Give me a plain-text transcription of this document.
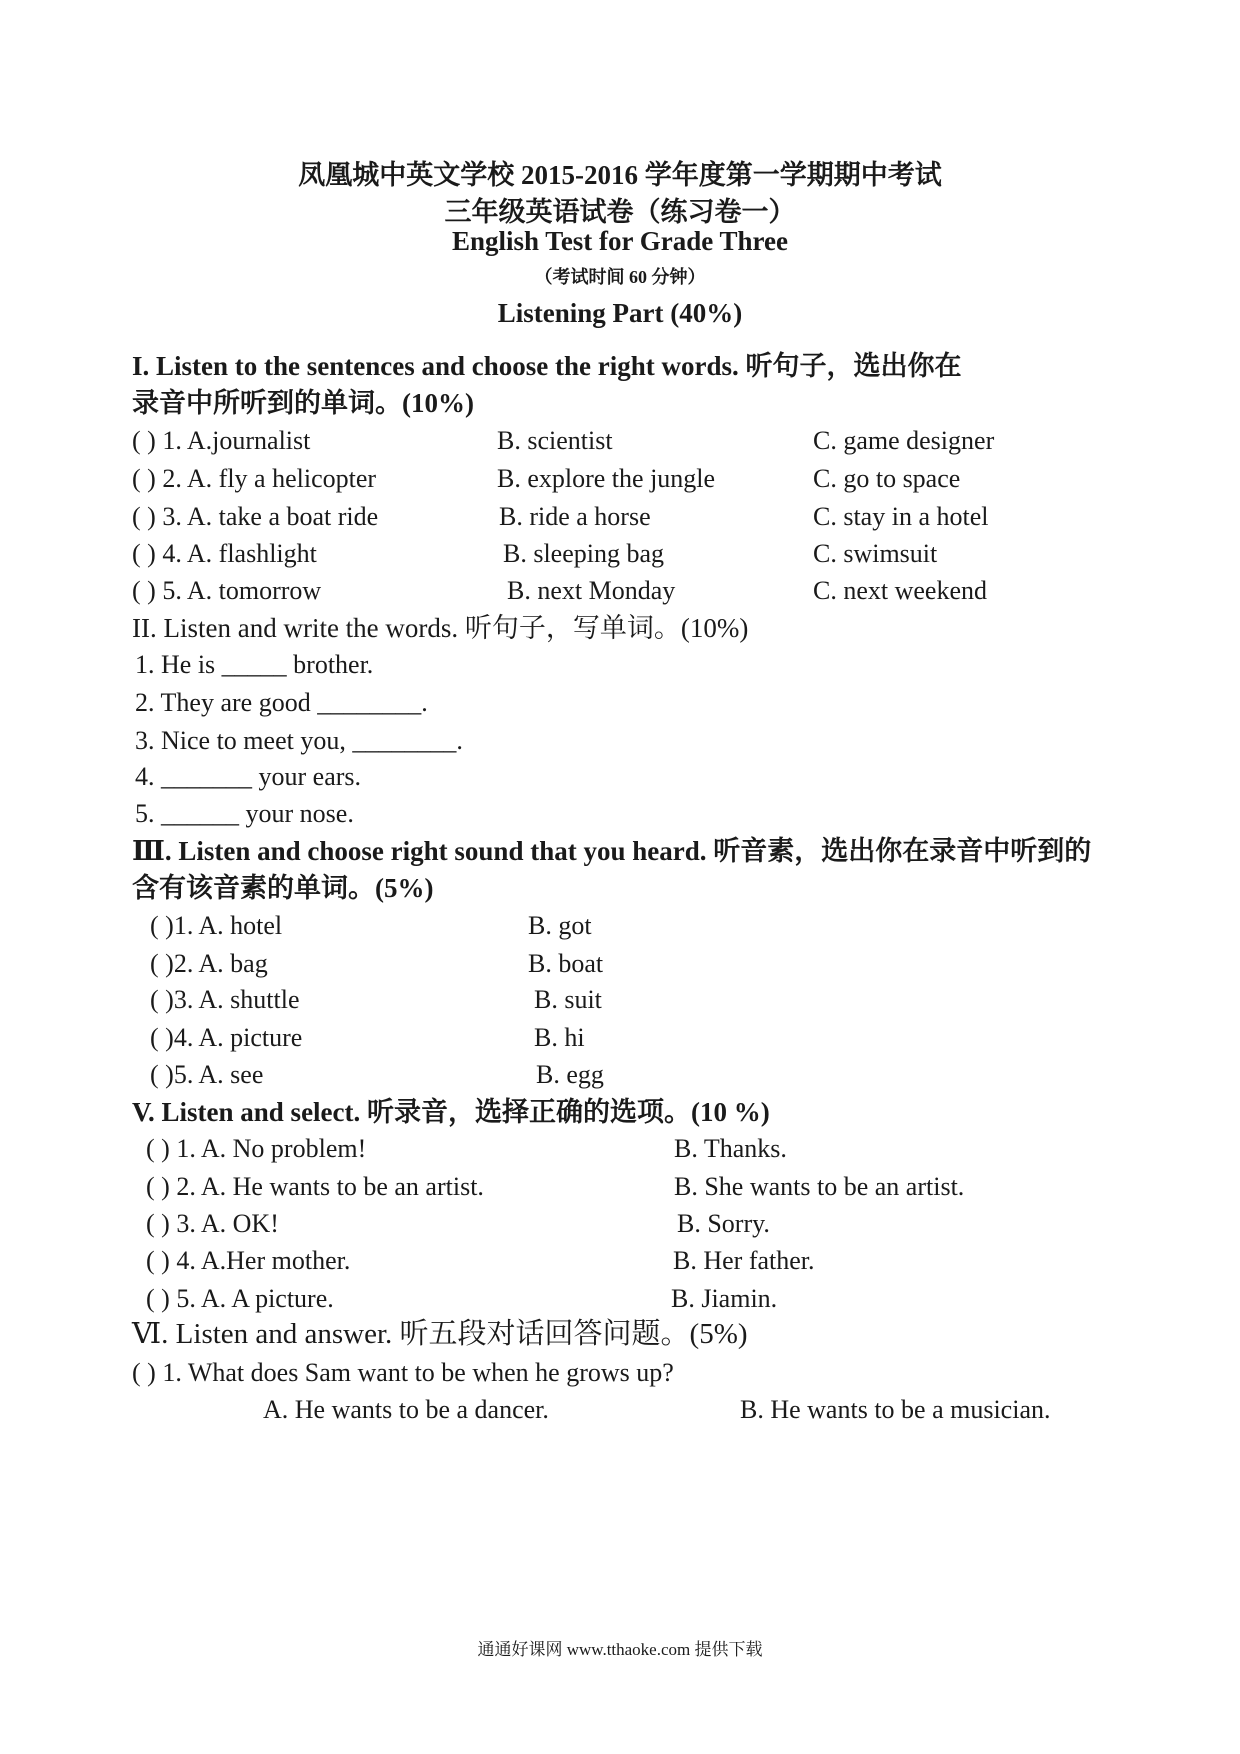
凤凰城中英文学校 2015-2016 学年度第一学期期中考试
三年级英语试卷（练习卷一）
English Test for Grade Three
（考试时间 60 分钟）
Listening Part (40%)
I. Listen to the sentences and choose the right words. 听句子，选出你在
录音中所听到的单词。(10%)
( ) 1. A.journalist	B. scientist	C. game designer
( ) 2. A. fly a helicopter	B. explore the jungle	C. go to space
( ) 3. A. take a boat ride	B. ride a horse	C. stay in a hotel
( ) 4. A. flashlight	B. sleeping bag	C. swimsuit
( ) 5. A. tomorrow	B. next Monday	C. next weekend
II. Listen and write the words. 听句子，写单词。(10%)
1. He is _____ brother.
2. They are good ________.
3. Nice to meet you, ________.
4. _______ your ears.
5. ______ your nose.
Ⅲ. Listen and choose right sound that you heard. 听音素，选出你在录音中听到的
含有该音素的单词。(5%)
( )1. A. hotel	B. got
( )2. A. bag	B. boat
( )3. A. shuttle	B. suit
( )4. A. picture	B. hi
( )5. A. see	B. egg
V. Listen and select. 听录音，选择正确的选项。(10 %)
( ) 1. A. No problem!	B. Thanks.
( ) 2. A. He wants to be an artist.	B. She wants to be an artist.
( ) 3. A. OK!	B. Sorry.
( ) 4. A.Her mother.	B. Her father.
( ) 5. A. A picture.	B. Jiamin.
Ⅵ. Listen and answer. 听五段对话回答问题。(5%)
( ) 1. What does Sam want to be when he grows up?
A. He wants to be a dancer.	B. He wants to be a musician.
通通好课网 www.tthaoke.com 提供下载
